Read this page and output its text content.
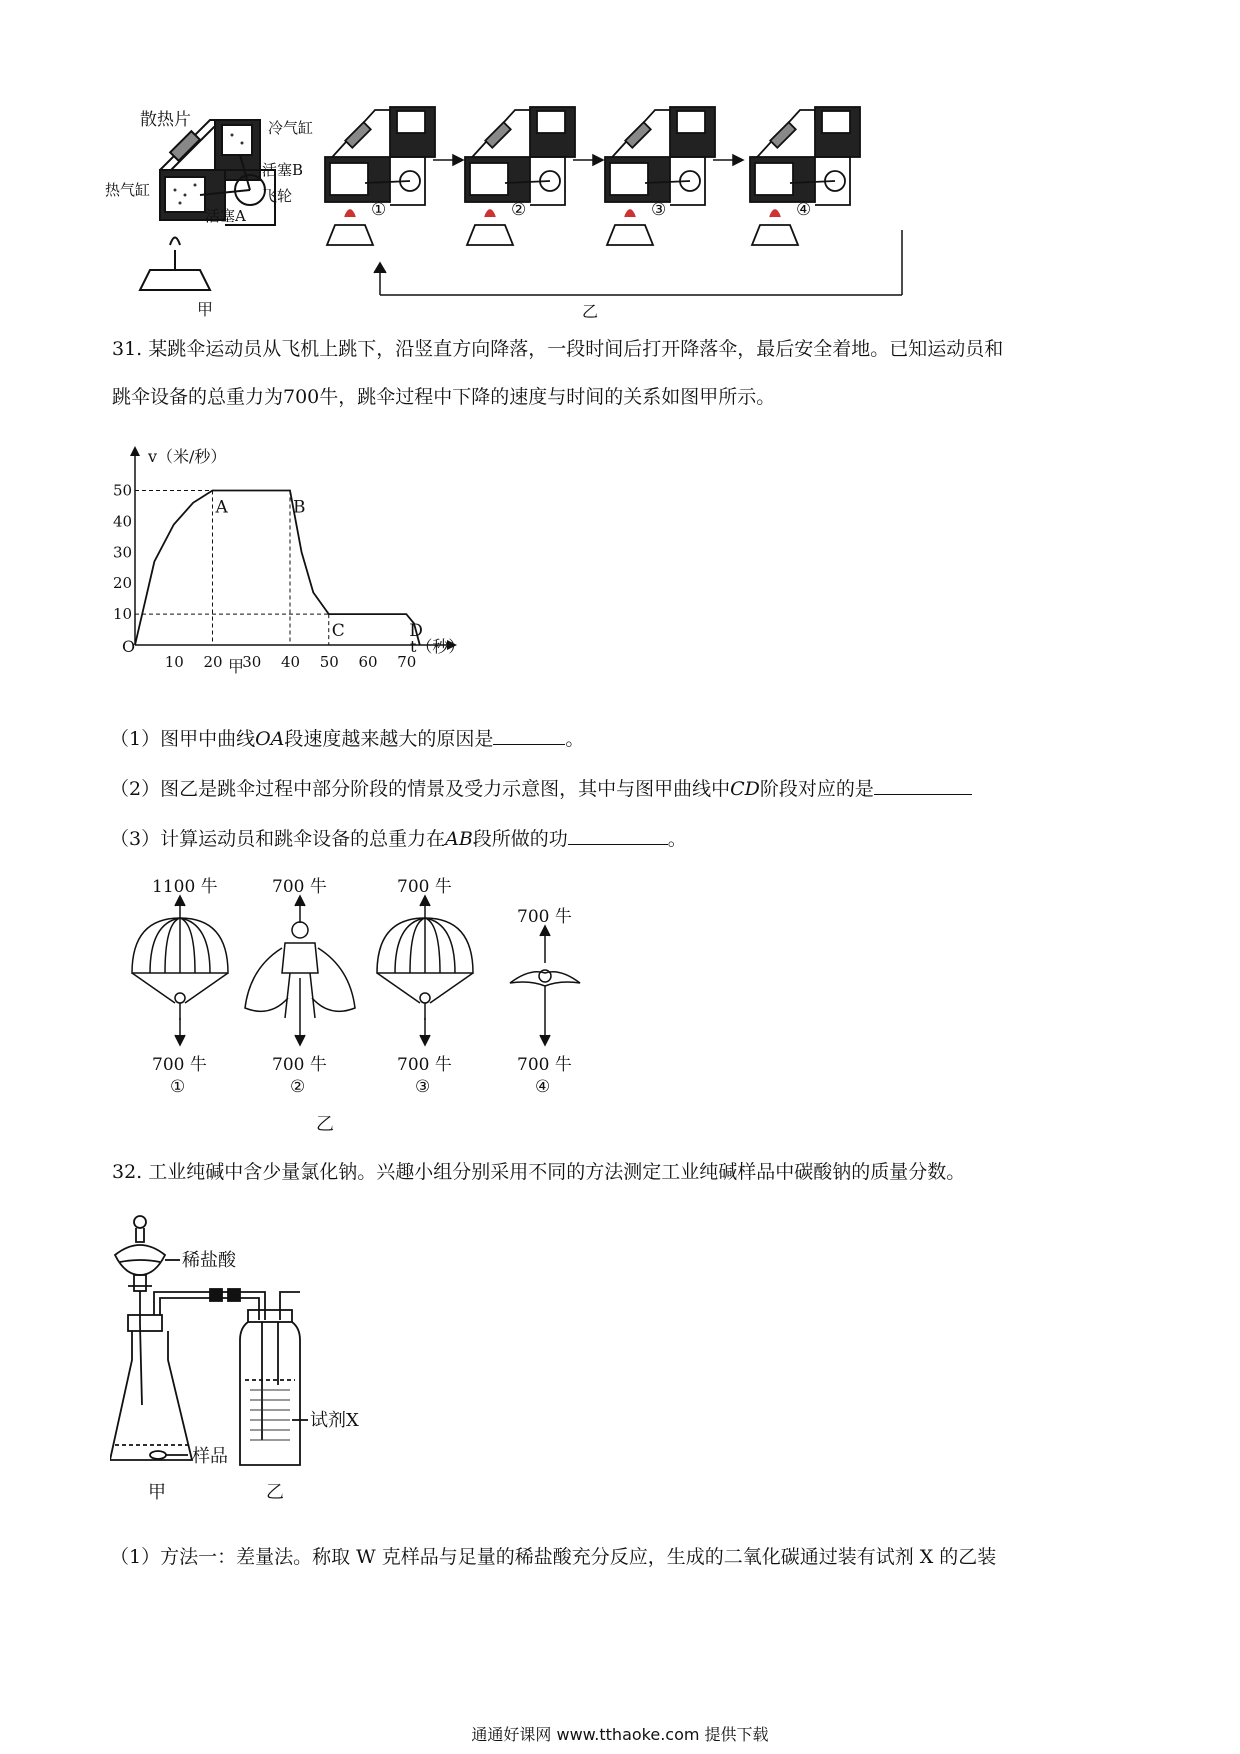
散热片	冷气缸
活塞B
飞轮
热气缸
活塞A
甲
①	②	③	④
乙
31. 某跳伞运动员从飞机上跳下，沿竖直方向降落，一段时间后打开降落伞，最后安全着地。已知运动员和
跳伞设备的总重力为700牛，跳伞过程中下降的速度与时间的关系如图甲所示。
10 20 30 40 50 60 70
10
20
30
40
50
A	B
C	D
v（米/秒）
t（秒）
O
甲
（1）图甲中曲线OA段速度越来越大的原因是	。
（2）图乙是跳伞过程中部分阶段的情景及受力示意图，其中与图甲曲线中CD阶段对应的是
（3）计算运动员和跳伞设备的总重力在AB段所做的功	。
1100 牛
700 牛
①
700 牛
700 牛
②
700 牛
700 牛
③
700 牛
700 牛
④
乙
32. 工业纯碱中含少量氯化钠。兴趣小组分别采用不同的方法测定工业纯碱样品中碳酸钠的质量分数。
稀盐酸
试剂X
样品
甲	乙
（1）方法一：差量法。称取 W 克样品与足量的稀盐酸充分反应，生成的二氧化碳通过装有试剂 X 的乙装
通通好课网 www.tthaoke.com 提供下载
